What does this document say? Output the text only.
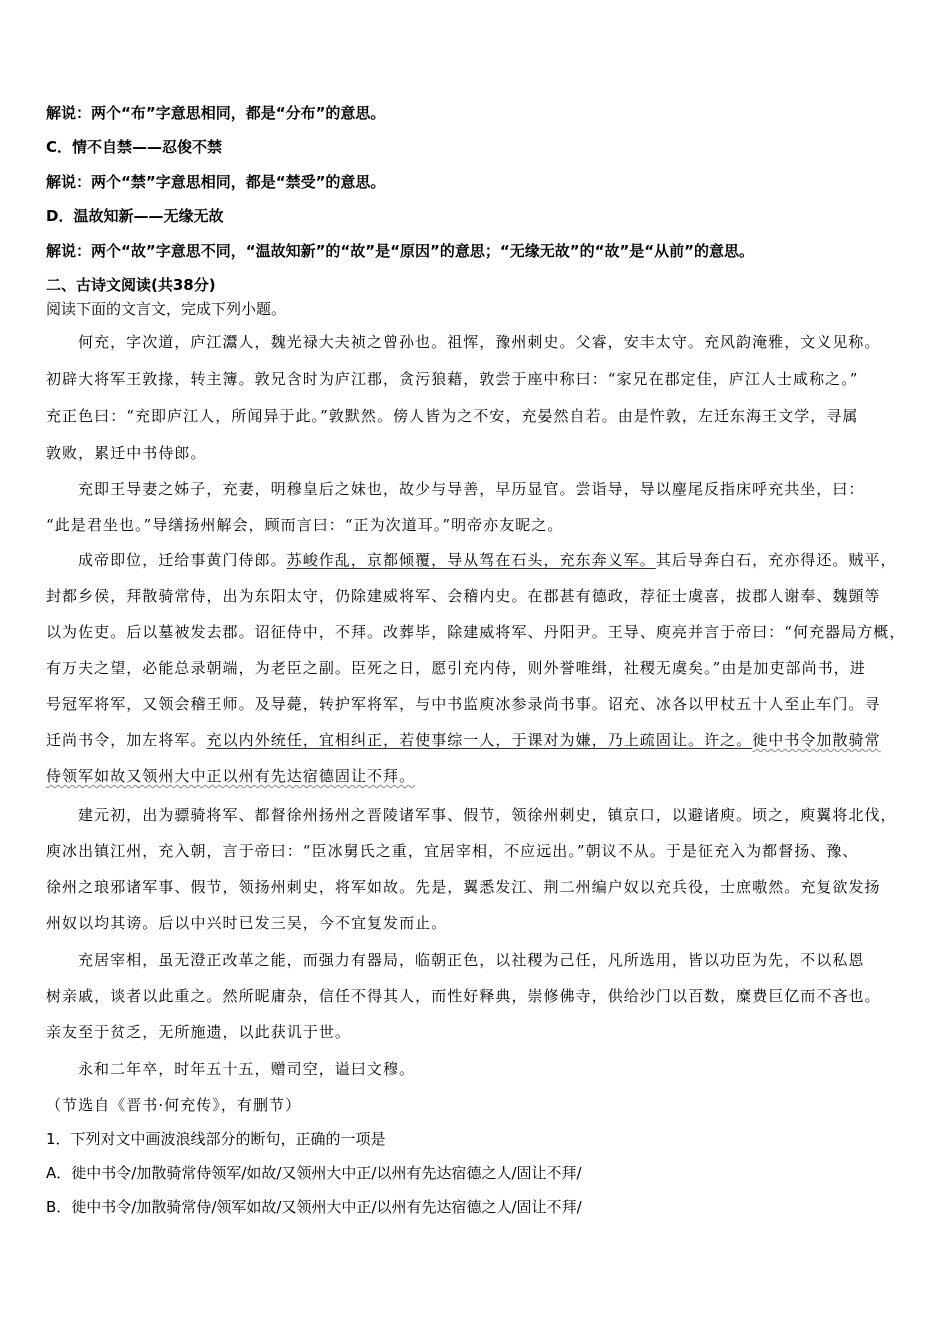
解说：两个“布”字意思相同，都是“分布”的意思。
C．情不自禁——忍俊不禁
解说：两个“禁”字意思相同，都是“禁受”的意思。
D．温故知新——无缘无故
解说：两个“故”字意思不同，“温故知新”的“故”是“原因”的意思；“无缘无故”的“故”是“从前”的意思。
二、古诗文阅读(共38分)
阅读下面的文言文，完成下列小题。
何充，字次道，庐江灊人，魏光禄大夫祯之曾孙也。祖恽，豫州刺史。父睿，安丰太守。充风韵淹雅，文义见称。
初辟大将军王敦掾，转主簿。敦兄含时为庐江郡，贪污狼藉，敦尝于座中称曰：“家兄在郡定佳，庐江人士咸称之。”
充正色曰：“充即庐江人，所闻异于此。”敦默然。傍人皆为之不安，充晏然自若。由是忤敦，左迁东海王文学，寻属
敦败，累迁中书侍郎。
充即王导妻之姊子，充妻，明穆皇后之妹也，故少与导善，早历显官。尝诣导，导以麈尾反指床呼充共坐，曰：
“此是君坐也。”导缮扬州解会，顾而言曰：“正为次道耳。”明帝亦友昵之。
成帝即位，迁给事黄门侍郎。苏峻作乱，京都倾覆，导从驾在石头，充东奔义军。其后导奔白石，充亦得还。贼平，
封都乡侯，拜散骑常侍，出为东阳太守，仍除建威将军、会稽内史。在郡甚有德政，荐征士虞喜，拔郡人谢奉、魏顗等
以为佐吏。后以墓被发去郡。诏征侍中，不拜。改葬毕，除建威将军、丹阳尹。王导、庾亮并言于帝曰：“何充器局方概，
有万夫之望，必能总录朝端，为老臣之副。臣死之日，愿引充内侍，则外誉唯缉，社稷无虞矣。”由是加吏部尚书，进
号冠军将军，又领会稽王师。及导薨，转护军将军，与中书监庾冰参录尚书事。诏充、冰各以甲杖五十人至止车门。寻
迁尚书令，加左将军。充以内外统任，宜相纠正，若使事综一人，于课对为嫌，乃上疏固让。许之。徙中书令加散骑常
侍领军如故又领州大中正以州有先达宿德固让不拜。
建元初，出为骠骑将军、都督徐州扬州之晋陵诸军事、假节，领徐州刺史，镇京口，以避诸庾。顷之，庾翼将北伐，
庾冰出镇江州，充入朝，言于帝曰：“臣冰舅氏之重，宜居宰相，不应远出。”朝议不从。于是征充入为都督扬、豫、
徐州之琅邪诸军事、假节，领扬州刺史，将军如故。先是，翼悉发江、荆二州编户奴以充兵役，士庶嗷然。充复欲发扬
州奴以均其谤。后以中兴时已发三吴，今不宜复发而止。
充居宰相，虽无澄正改革之能，而强力有器局，临朝正色，以社稷为己任，凡所选用，皆以功臣为先，不以私恩
树亲戚，谈者以此重之。然所昵庸杂，信任不得其人，而性好释典，崇修佛寺，供给沙门以百数，糜费巨亿而不吝也。
亲友至于贫乏，无所施遗，以此获讥于世。
永和二年卒，时年五十五，赠司空，谥曰文穆。
（节选自《晋书·何充传》，有删节）
1．下列对文中画波浪线部分的断句，正确的一项是
A．徙中书令/加散骑常侍领军/如故/又领州大中正/以州有先达宿德之人/固让不拜/
B．徙中书令/加散骑常侍/领军如故/又领州大中正/以州有先达宿德之人/固让不拜/
